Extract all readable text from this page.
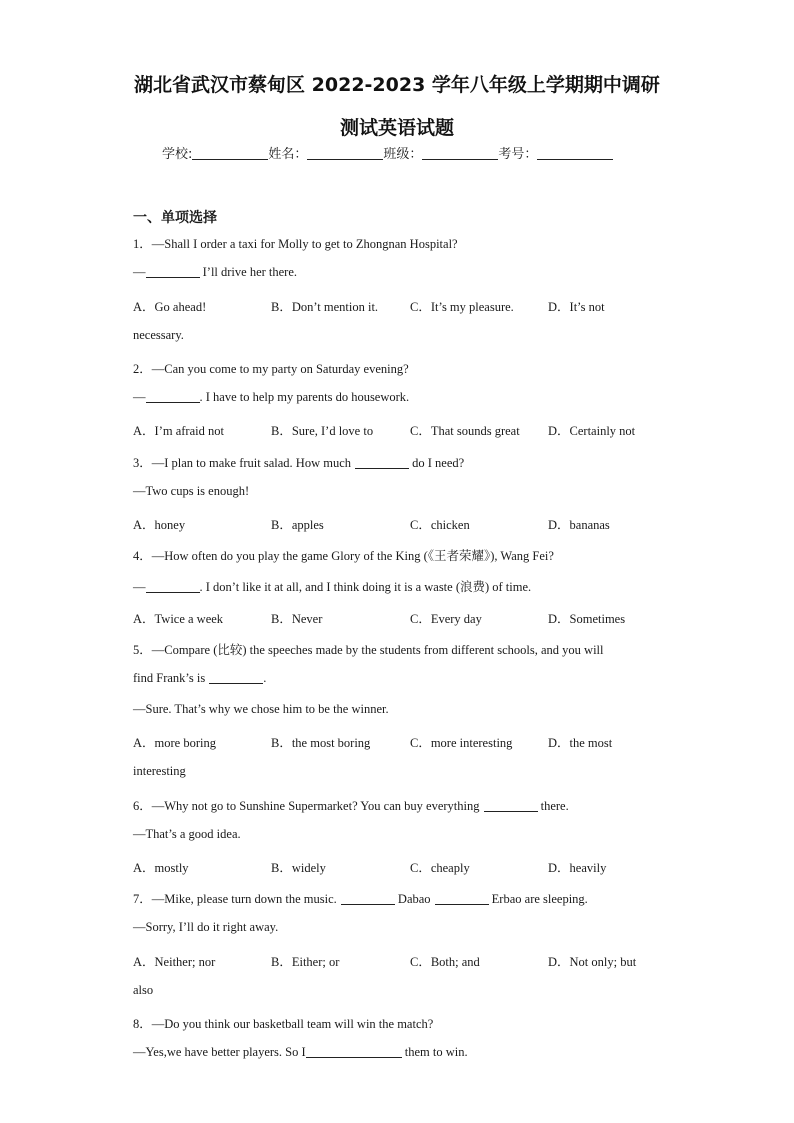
湖北省武汉市蔡甸区 2022-2023 学年八年级上学期期中调研
测试英语试题
学校:	姓名：	班级：	考号：
一、单项选择
1．—Shall I order a taxi for Molly to get to Zhongnan Hospital?
—	I’ll drive her there.
A．Go ahead!	B．Don’t mention it.	C．It’s my pleasure.	D．It’s not
necessary.
2．—Can you come to my party on Saturday evening?
—	. I have to help my parents do housework.
A．I’m afraid not	B．Sure, I’d love to	C．That sounds great D．Certainly not
3．—I plan to make fruit salad. How much	do I need?
—Two cups is enough!
A．honey	B．apples	C．chicken	D．bananas
4．—How often do you play the game Glory of the King (《王者荣耀》), Wang Fei?
—	. I don’t like it at all, and I think doing it is a waste (浪费) of time.
A．Twice a week	B．Never	C．Every day	D．Sometimes
5．—Compare (比较) the speeches made by the students from different schools, and you will
find Frank’s is	.
—Sure. That’s why we chose him to be the winner.
A．more boring	B．the most boring	C．more interesting	D．the most
interesting
6．—Why not go to Sunshine Supermarket? You can buy everything	there.
—That’s a good idea.
A．mostly	B．widely	C．cheaply	D．heavily
7．—Mike, please turn down the music.	Dabao	Erbao are sleeping.
—Sorry, I’ll do it right away.
A．Neither; nor	B．Either; or	C．Both; and	D．Not only; but
also
8．—Do you think our basketball team will win the match?
—Yes,we have better players. So I	them to win.
